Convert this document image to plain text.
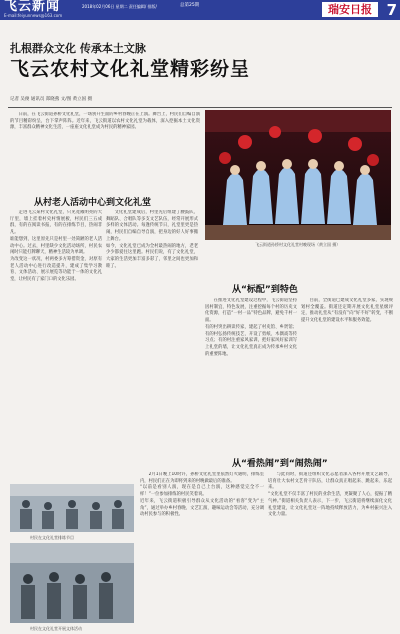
飞云新闻
E-mail:feiyunnews@163.com
2018年02月06日 星期二 责任编辑/ 排版/	总第25期	瑞安日报 7
扎根群众文化 传承本土文脉
飞云农村文化礼堂精彩纷呈
记者 吴俊 通讯员 郑晓燕 文/图 黄立国 摄

日前，在飞云街道孙桥文化礼堂，一场别开生面的乡村春晚正在上演。舞台上，村民们自编自演的节目精彩纷呈，台下掌声阵阵。近年来，飞云街道以农村文化礼堂为载体，深入挖掘本土文化资源，丰富群众精神文化生活，一座座文化礼堂成为村民的精神家园。

飞云街道孙桥村文化礼堂村晚现场（黄立国 摄）
从村老人活动中心到文化礼堂

走进飞云某村文化礼堂，只见宽敞明亮的大厅里，墙上挂着村史村情展板，村民们三五成群，有的在阅读书报，有的在排练节目，热闹非凡。
谁能想到，这里原先只是村里一处简陋的老人活动中心。过去，村里缺少文化活动场所，村民农闲时只能打牌聊天，精神生活较为单调。
为改变这一状况，村两委多方筹措资金，对原有老人活动中心进行改造提升，建成了集学习教育、文体活动、展示展览等功能于一体的文化礼堂，让村民有了家门口的文化乐园。

文化礼堂建成后，村里先后组建了腰鼓队、舞蹈队、合唱队等多支文艺队伍，经常开展形式多样的文体活动。每逢传统节日，礼堂里更是热闹，村民们自编自导自演，把身边的好人好事搬上舞台。
如今，文化礼堂已成为全村最热闹的地方，老老少少都爱往这里跑。村民们说，有了文化礼堂，大家的生活更加丰富多彩了，邻里之间也更加和睦了。

从“标配”到特色

在推进文化礼堂建设过程中，飞云街道坚持因村制宜、特色发展，注重挖掘每个村的历史文化资源，打造“一村一品”特色品牌，避免千村一面。
有的村突出耕读传家，建起了村史馆、乡贤馆；有的村弘扬传统技艺，开设了剪纸、木偶戏等传习点；有的村注重家风家训，把好家风好家训写上礼堂的墙，让文化礼堂真正成为传承乡村文化的重要阵地。

目前，全街道已建成文化礼堂多家，实现规划村全覆盖。街道还定期开展文化礼堂星级评定，推动礼堂从“有没有”向“好不好”转变，不断提升文化礼堂的建设水平和服务效能。

从“看热闹”到“闹热闹”

2月1日晚上10时许，孙桥文化礼堂里依然灯火通明，排练室内，村民们正在为即将到来的村晚做最后的准备。
“以前是看别人演，现在是自己上台演，这种感觉完全不一样！”一位参加排练的村民笑着说。
近年来，飞云街道积极引导群众从文化活动的“看客”变为“主角”，通过举办乡村春晚、文艺汇演、趣味运动会等活动，充分调动村民参与的积极性。

与此同时，街道还组织文化志愿者深入各村开展文艺辅导，培育壮大农村文艺骨干队伍，让群众真正唱起来、跳起来、乐起来。
“文化礼堂不仅丰富了村民的业余生活，更凝聚了人心，提振了精气神。”街道相关负责人表示，下一步，飞云街道将继续深化文化礼堂建设，让文化礼堂这一阵地持续释放活力，为乡村振兴注入文化力量。

村民在文化礼堂排练节目
村民在文化礼堂开展文体活动
